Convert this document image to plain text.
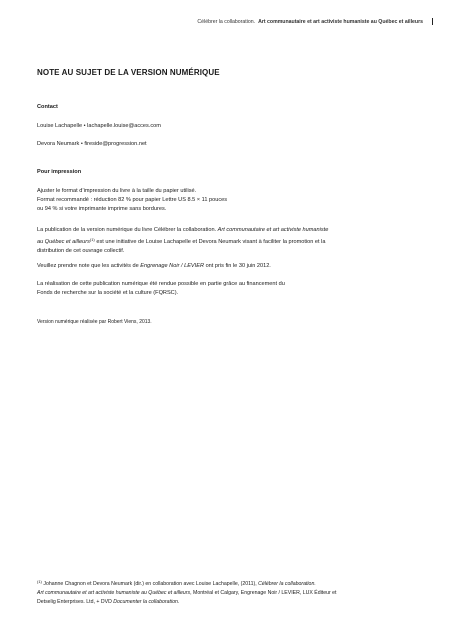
Célébrer la collaboration. Art communautaire et art activiste humaniste au Québec et ailleurs
NOTE AU SUJET DE LA VERSION NUMÉRIQUE
Contact
Louise Lachapelle • lachapelle.louise@acces.com
Devora Neumark • fireside@progression.net
Pour impression
Ajuster le format d’impression du livre à la taille du papier utilisé.
Format recommandé : réduction 82 % pour papier Lettre US 8.5 × 11 pouces
ou 94 % si votre imprimante imprime sans bordures.
La publication de la version numérique du livre Célébrer la collaboration. Art communautaire et art activiste humaniste
au Québec et ailleurs$^{(1)}$ est une initiative de Louise Lachapelle et Devora Neumark visant à faciliter la promotion et la
distribution de cet ouvrage collectif.
Veuillez prendre note que les activités de Engrenage Noir / LEVIER ont pris fin le 30 juin 2012.
La réalisation de cette publication numérique été rendue possible en partie grâce au financement du
Fonds de recherche sur la société et la culture (FQRSC).
Version numérique réalisée par Robert Viens, 2013.
$^{(1)}$ Johanne Chagnon et Devora Neumark (dir.) en collaboration avec Louise Lachapelle, (2011), Célébrer la collaboration.
Art communautaire et art activiste humaniste au Québec et ailleurs, Montréal et Calgary, Engrenage Noir / LEVIER, LUX Éditeur et
Detselig Enterprises. Ltd, + DVD Documenter la collaboration.
